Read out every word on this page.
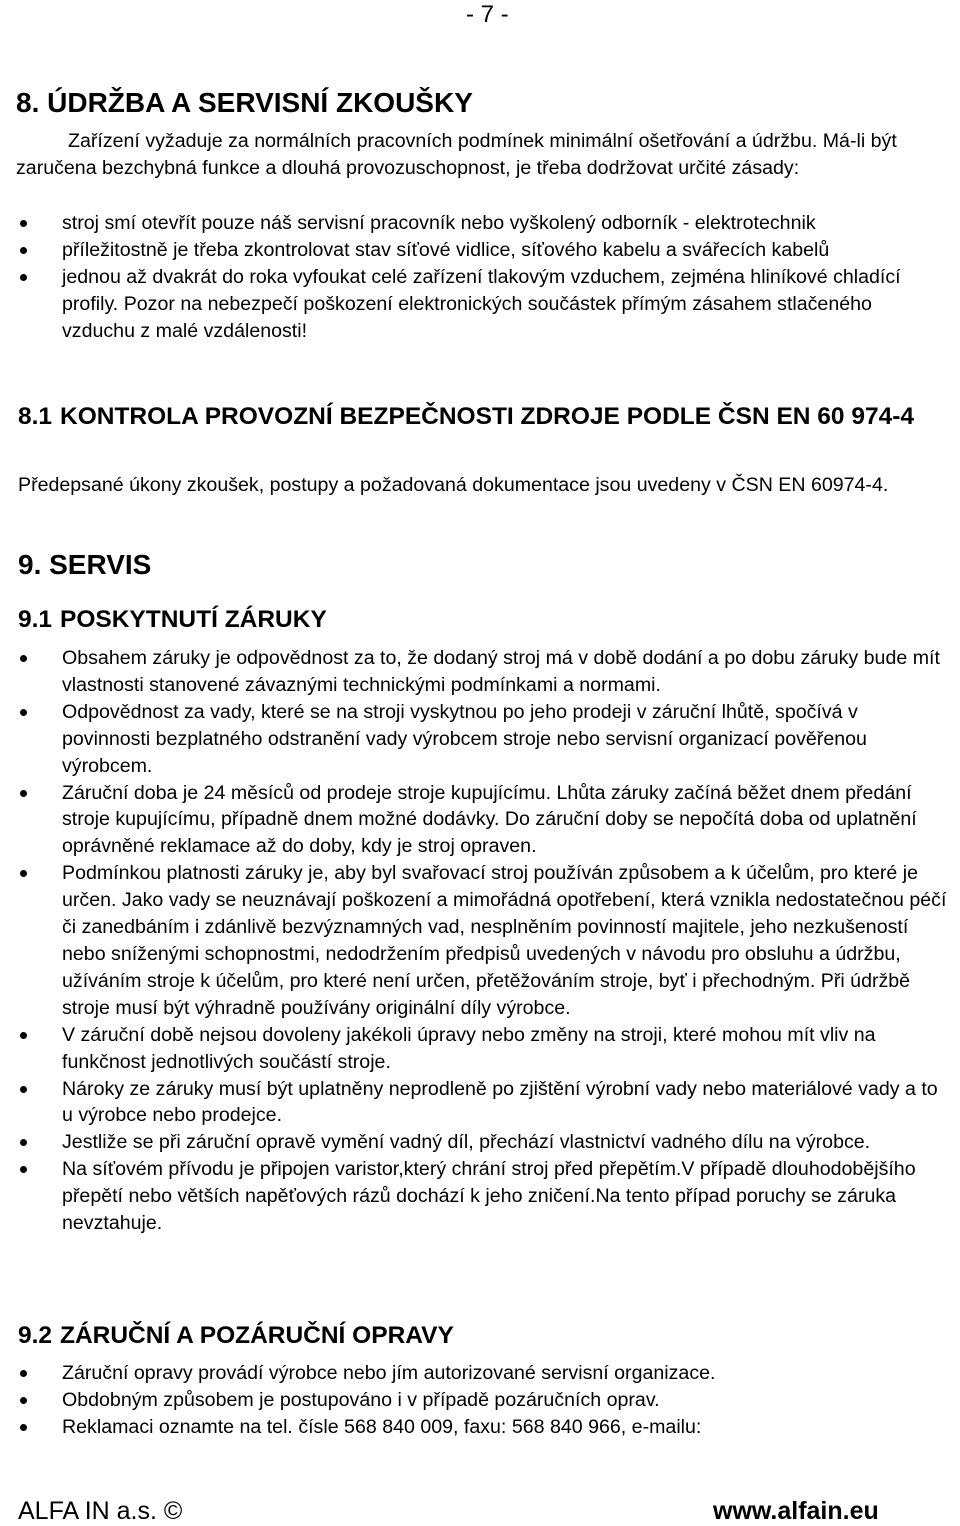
- 7 -
8. ÚDRŽBA A SERVISNÍ ZKOUŠKY
Zařízení vyžaduje za normálních pracovních podmínek minimální ošetřování a údržbu. Má-li být zaručena bezchybná funkce a dlouhá provozuschopnost, je třeba dodržovat určité zásady:
stroj smí otevřít pouze náš servisní pracovník nebo vyškolený odborník - elektrotechnik
příležitostně je třeba zkontrolovat stav síťové vidlice, síťového kabelu a svářecích kabelů
jednou až dvakrát do roka vyfoukat celé zařízení tlakovým vzduchem, zejména hliníkové chladící profily. Pozor na nebezpečí poškození elektronických součástek přímým zásahem stlačeného vzduchu z malé vzdálenosti!
8.1 KONTROLA PROVOZNÍ BEZPEČNOSTI ZDROJE PODLE ČSN EN 60 974-4
Předepsané úkony zkoušek, postupy a požadovaná dokumentace jsou uvedeny v ČSN EN 60974-4.
9. SERVIS
9.1 POSKYTNUTÍ ZÁRUKY
Obsahem záruky je odpovědnost za to, že dodaný stroj má v době dodání a po dobu záruky bude mít vlastnosti stanovené závaznými technickými podmínkami a normami.
Odpovědnost za vady, které se na stroji vyskytnou po jeho prodeji v záruční lhůtě, spočívá v povinnosti bezplatného odstranění vady výrobcem stroje nebo servisní organizací pověřenou výrobcem.
Záruční doba je 24 měsíců od prodeje stroje kupujícímu. Lhůta záruky začíná běžet dnem předání stroje kupujícímu, případně dnem možné dodávky. Do záruční doby se nepočítá doba od uplatnění oprávněné reklamace až do doby, kdy je stroj opraven.
Podmínkou platnosti záruky je, aby byl svařovací stroj používán způsobem a k účelům, pro které je určen. Jako vady se neuznávají poškození a mimořádná opotřebení, která vznikla nedostatečnou péčí či zanedbáním i zdánlivě bezvýznamných vad, nesplněním povinností majitele, jeho nezkušeností nebo sníženými schopnostmi, nedodržením předpisů uvedených v návodu pro obsluhu a údržbu, užíváním stroje k účelům, pro které není určen, přetěžováním stroje, byť i přechodným. Při údržbě stroje musí být výhradně používány originální díly výrobce.
V záruční době nejsou dovoleny jakékoli úpravy nebo změny na stroji, které mohou mít vliv na funkčnost jednotlivých součástí stroje.
Nároky ze záruky musí být uplatněny neprodleně po zjištění výrobní vady nebo materiálové vady a to u výrobce nebo prodejce.
Jestliže se při záruční opravě vymění vadný díl, přechází vlastnictví vadného dílu na výrobce.
Na síťovém přívodu je připojen varistor,který chrání stroj před přepětím.V případě dlouhodobějšího přepětí nebo větších napěťových rázů dochází k jeho zničení.Na tento případ poruchy se záruka nevztahuje.
9.2 ZÁRUČNÍ A POZÁRUČNÍ OPRAVY
Záruční opravy provádí výrobce nebo jím autorizované servisní organizace.
Obdobným způsobem je postupováno i v případě pozáručních oprav.
Reklamaci oznamte na tel. čísle 568 840 009, faxu: 568 840 966, e-mailu:
ALFA IN a.s. ©	www.alfain.eu
